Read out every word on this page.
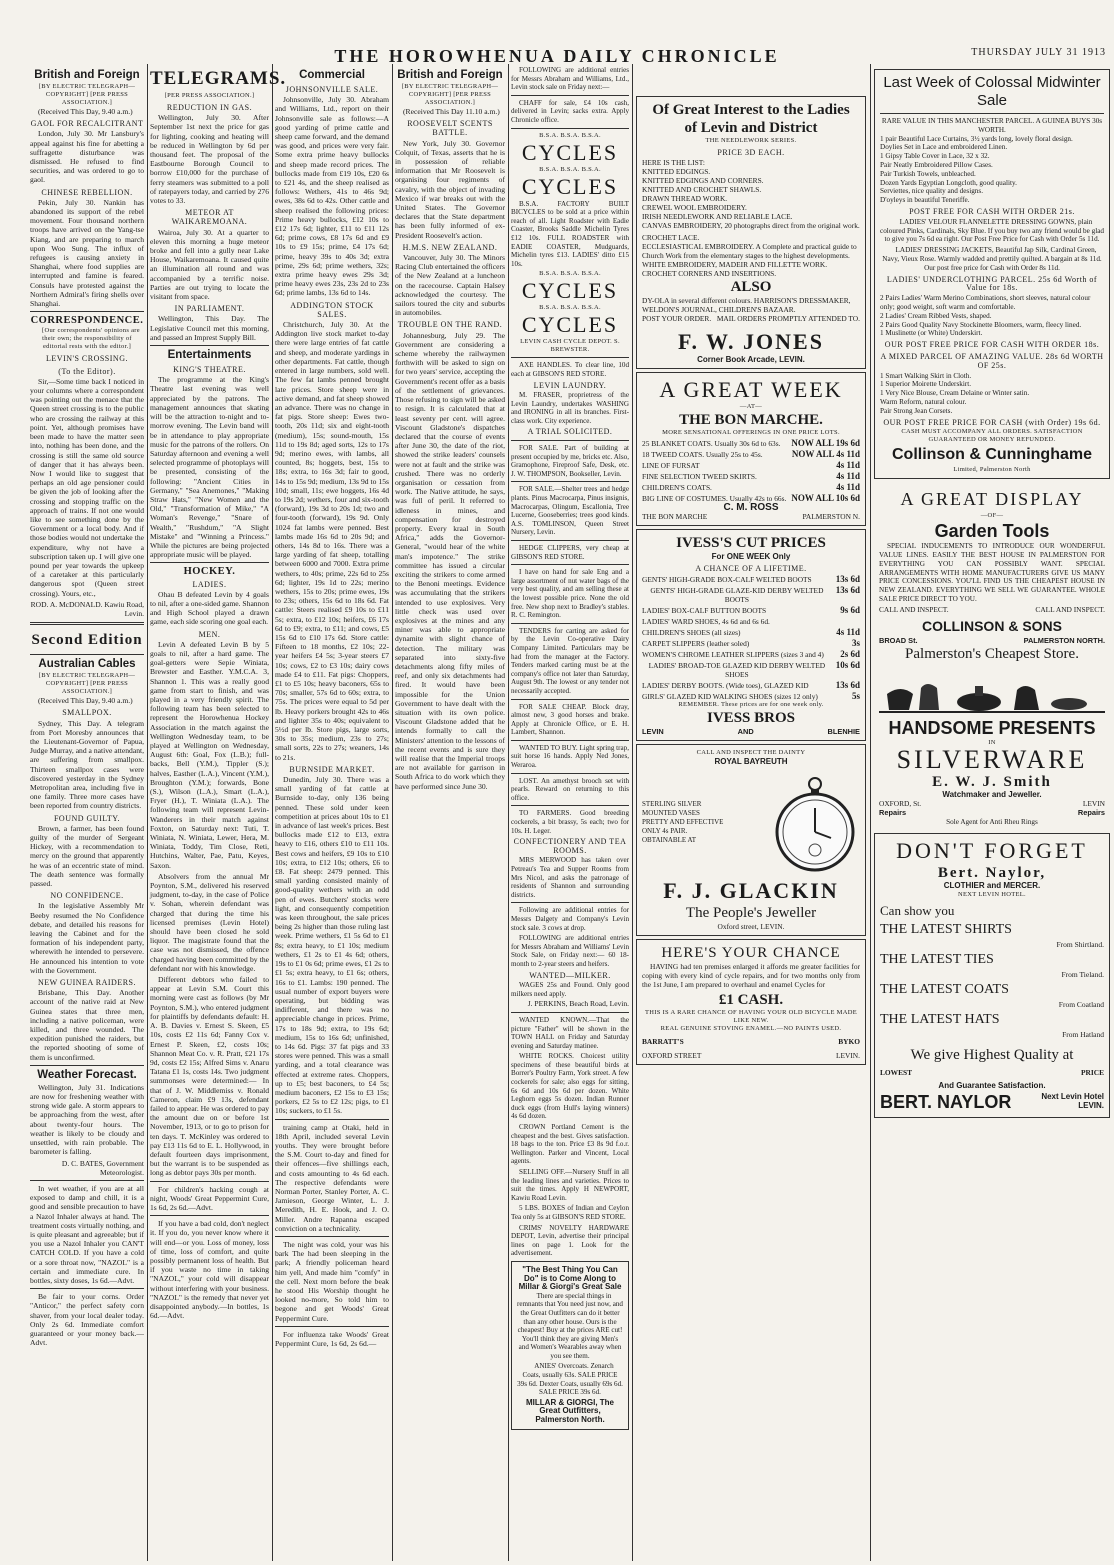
THE HOROWHENUA DAILY CHRONICLE	THURSDAY JULY 31 1913
British and Foreign
[BY ELECTRIC TELEGRAPH—COPYRIGHT] [PER PRESS ASSOCIATION.]
(Received This Day, 9.40 a.m.)
GAOL FOR RECALCITRANT
London, July 30. Mr Lansbury's appeal against his fine for abetting a suffragette disturbance was dismissed. He refused to find securities, and was ordered to go to gaol.
CHINESE REBELLION.
Pekin, July 30. Nankin has abandoned its support of the rebel movement. Four thousand northern troops have arrived on the Yang-tse Kiang, and are preparing to march upon Woo Sung. The influx of refugees is causing anxiety in Shanghai, where food supplies are interrupted and famine is feared. Consuls have protested against the Northern Admiral's firing shells over Shanghai.
CORRESPONDENCE.
[Our correspondents' opinions are their own; the responsibility of editorial rests with the editor.]
LEVIN'S CROSSING.
(To the Editor).
Sir,—Some time back I noticed in your columns where a correspondent was pointing out the menace that the Queen street crossing is to the public who are crossing the railway at this point. Yet, although promises have been made to have the matter seen into, nothing has been done, and the crossing is still the same old source of danger that it has always been. Now I would like to suggest that perhaps an old age pensioner could be given the job of looking after the crossing and stopping traffic on the approach of trains. If not one would like to see something done by the Government or a local body. And if those bodies would not undertake the expenditure, why not have a subscription taken up. I will give one pound per year towards the upkeep of a caretaker at this particularly dangerous spot (Queen street crossing). Yours, etc.,
ROD. A. McDONALD. Kawiu Road, Levin.
Second Edition
Australian Cables
[BY ELECTRIC TELEGRAPH—COPYRIGHT] [PER PRESS ASSOCIATION.]
(Received This Day, 9.40 a.m.)
SMALLPOX.
Sydney, This Day. A telegram from Port Moresby announces that the Lieutenant-Governor of Papua, Judge Murray, and a native attendant, are suffering from smallpox. Thirteen smallpox cases were discovered yesterday in the Sydney Metropolitan area, including five in one family. Three more cases have been reported from country districts.
FOUND GUILTY.
Brown, a farmer, has been found guilty of the murder of Sergeant Hickey, with a recommendation to mercy on the ground that apparently he was of an eccentric state of mind. The death sentence was formally passed.
NO CONFIDENCE.
In the legislative Assembly Mr Beeby resumed the No Confidence debate, and detailed his reasons for leaving the Cabinet and for the formation of his independent party, wherewith he intended to persevere. He announced his intention to vote with the Government.
NEW GUINEA RAIDERS.
Brisbane, This Day. Another account of the native raid at New Guinea states that three men, including a native policeman, were killed, and three wounded. The expedition punished the raiders, but the reported shooting of some of them is unconfirmed.
Weather Forecast.
Wellington, July 31. Indications are now for freshening weather with strong wide gale. A storm appears to be approaching from the west, after about twenty-four hours. The weather is likely to be cloudy and unsettled, with rain probable. The barometer is falling.
D. C. BATES, Government Meteorologist.
In wet weather, if you are at all exposed to damp and chill, it is a good and sensible precaution to have a Nazol Inhaler always at hand. The treatment costs virtually nothing, and is quite pleasant and agreeable; but if you use a Nazol Inhaler you CAN'T CATCH COLD. If you have a cold or a sore throat now, "NAZOL" is a certain and immediate cure. In bottles, sixty doses, 1s 6d.—Advt.
Be fair to your corns. Order "Anticor," the perfect safety corn shaver, from your local dealer today. Only 2s 6d. Immediate comfort guaranteed or your money back.—Advt.
TELEGRAMS.
[PER PRESS ASSOCIATION.]
REDUCTION IN GAS.
Wellington, July 30. After September 1st next the price for gas for lighting, cooking and heating will be reduced in Wellington by 6d per thousand feet. The proposal of the Eastbourne Borough Council to borrow £10,000 for the purchase of ferry steamers was submitted to a poll of ratepayers today, and carried by 276 votes to 33.
METEOR AT WAIKAREMOANA.
Wairoa, July 30. At a quarter to eleven this morning a huge meteor broke and fell into a gully near Lake House, Waikaremoana. It caused quite an illumination all round and was accompanied by a terrific noise. Parties are out trying to locate the visitant from space.
IN PARLIAMENT.
Wellington, This Day. The Legislative Council met this morning, and passed an Imprest Supply Bill.
Entertainments
KING'S THEATRE.
The programme at the King's Theatre last evening was well appreciated by the patrons. The management announces that skating will be the attraction to-night and to-morrow evening. The Levin band will be in attendance to play appropriate music for the patrons of the rollers. On Saturday afternoon and evening a well selected programme of photoplays will be presented, consisting of the following: "Ancient Cities in Germany," "Sea Anemones," "Making Straw Hats," "New Women and the Old," "Transformation of Mike," "A Woman's Revenge," "Snare of Wealth," "Rushdum," "A Slight Mistake" and "Winning a Princess." While the pictures are being projected appropriate music will be played.
HOCKEY.
LADIES.
Ohau B defeated Levin by 4 goals to nil, after a one-sided game. Shannon and High School played a drawn game, each side scoring one goal each.
MEN.
Levin A defeated Levin B by 5 goals to nil, after a hard game. The goal-getters were Sepie Winiata, Brewster and Easther. Y.M.C.A. 3, Shannon 1. This was a really good game from start to finish, and was played in a very friendly spirit. The following team has been selected to represent the Horowhenua Hockey Association in the match against the Wellington Wednesday team, to be played at Wellington on Wednesday, August 6th: Goal, Fox (L.B.); full-backs, Bell (Y.M.), Tippler (S.); halves, Easther (L.A.), Vincent (Y.M.), Broughton (Y.M.); forwards, Bone (S.), Wilson (L.A.), Smart (L.A.), Fryer (H.), T. Winiata (L.A.). The following team will represent Levin-Wanderers in their match against Foxton, on Saturday next: Tuti, T. Winiata, N. Winiata, Lewer, Hera, M. Winiata, Toddy, Tim Close, Reti, Hutchins, Walter, Pae, Patu, Keyes, Saxon.
Absolvers from the annual Mr Poynton, S.M., delivered his reserved judgment, to-day, in the case of Police v. Sohan, wherein defendant was charged that during the time his licensed premises (Levin Hotel) should have been closed he sold liquor. The magistrate found that the case was not dismissed, the offence charged having been committed by the defendant nor with his knowledge.
Different debtors who failed to appear at Levin S.M. Court this morning were cast as follows (by Mr Poynton, S.M.), who entered judgment for plaintiffs by defendants default: H. A. B. Davies v. Ernest S. Skeen, £5 10s, costs £2 11s 6d; Fanny Cox v. Ernest P. Skeen, £2, costs 10s; Shannon Meat Co. v. R. Pratt, £21 17s 9d, costs £2 15s; Alfred Sims v. Anaru Tatana £1 1s, costs 14s. Two judgment summonses were determined:— In that of J. W. Middlemiss v. Ronald Cameron, claim £9 13s, defendant failed to appear. He was ordered to pay the amount due on or before 1st November, 1913, or to go to prison for ten days. T. McKinley was ordered to pay £13 11s 6d to E. L. Hollywood, in default fourteen days imprisonment, but the warrant is to be suspended as long as debtor pays 30s per month.
For children's hacking cough at night, Woods' Great Peppermint Cure, 1s 6d, 2s 6d.—Advt.
If you have a bad cold, don't neglect it. If you do, you never know where it will end—or you. Loss of money, loss of time, loss of comfort, and quite possibly permanent loss of health. But if you waste no time in taking "NAZOL," your cold will disappear without interfering with your business. "NAZOL" is the remedy that never yet disappointed anybody.—In bottles, 1s 6d.—Advt.
Commercial
JOHNSONVILLE SALE.
Johnsonville, July 30. Abraham and Williams, Ltd., report on their Johnsonville sale as follows:—A good yarding of prime cattle and sheep came forward, and the demand was good, and prices were very fair. Some extra prime heavy bullocks and sheep made record prices. The bullocks made from £19 10s, £20 6s to £21 4s, and the sheep realised as follows: Wethers, 41s to 46s 9d; ewes, 38s 6d to 42s. Other cattle and sheep realised the following prices: Prime heavy bullocks, £12 10s to £12 17s 6d; lighter, £11 to £11 12s 6d; prime cows, £8 17s 6d and £9 10s to £9 15s; prime, £4 17s 6d; prime, heavy 39s to 40s 3d; extra prime, 29s 6d; prime wethers, 32s; extra prime heavy ewes 29s 3d; prime heavy ewes 23s, 23s 2d to 23s 6d; prime lambs, 13s 6d to 14s.
ADDINGTON STOCK SALES.
Christchurch, July 30. At the Addington live stock market to-day there were large entries of fat cattle and sheep, and moderate yardings in other departments. Fat cattle, though entered in large numbers, sold well. The few fat lambs penned brought late prices. Store sheep were in active demand, and fat sheep showed an advance. There was no change in fat pigs. Store sheep: Ewes two-tooth, 20s 11d; six and eight-tooth (medium), 15s; sound-mouth, 15s 11d to 19s 8d; aged sorts, 12s to 17s 9d; merino ewes, with lambs, all counted, 8s; hoggets, best, 15s to 18s; extra, to 16s 3d; fair to good, 14s to 15s 9d; medium, 13s 9d to 15s 10d; small, 11s; ewe hoggets, 16s 4d to 19s 2d; wethers, four and six-tooth (forward), 19s 3d to 20s 1d; two and four-tooth (forward), 19s 9d. Only 1024 fat lambs were penned. Best lambs made 16s 6d to 20s 9d; and others, 14s 8d to 16s. There was a large yarding of fat sheep, totalling between 6000 and 7000. Extra prime wethers, to 40s; prime, 22s 6d to 25s 6d; lighter, 19s 1d to 22s; merino wethers, 15s to 20s; prime ewes, 19s to 23s; others, 15s 6d to 18s 6d. Fat cattle: Steers realised £9 10s to £11 5s; extra, to £12 10s; heifers, £6 17s 6d to £9; extra, to £11; and cows, £5 15s 6d to £10 17s 6d. Store cattle: Fifteen to 18 months, £2 10s; 22-year heifers £4 5s; 3-year steers £7 10s; cows, £2 to £3 10s; dairy cows made £4 to £11. Fat pigs: Choppers, £1 to £5 10s; heavy baconers, 65s to 70s; smaller, 57s 6d to 60s; extra, to 75s. The prices were equal to 5d per lb. Heavy porkers brought 42s to 46s and lighter 35s to 40s; equivalent to 5½d per lb. Store pigs, large sorts, 30s to 35s; medium, 23s to 27s; small sorts, 22s to 27s; weaners, 14s to 21s.
BURNSIDE MARKET.
Dunedin, July 30. There was a small yarding of fat cattle at Burnside to-day, only 136 being penned. These sold under keen competition at prices about 10s to £1 in advance of last week's prices. Best bullocks made £12 to £13, extra heavy to £16, others £10 to £11 10s. Best cows and heifers, £9 10s to £10 10s; extra, to £12 10s; others, £6 to £8. Fat sheep: 2479 penned. This small yarding consisted mainly of good-quality wethers with an odd pen of ewes. Butchers' stocks were light, and consequently competition was keen throughout, the sale prices being 2s higher than those ruling last week. Prime wethers, £1 5s 6d to £1 8s; extra heavy, to £1 10s; medium wethers, £1 2s to £1 4s 6d; others, 19s to £1 0s 6d; prime ewes, £1 2s to £1 5s; extra heavy, to £1 6s; others, 16s to £1. Lambs: 190 penned. The usual number of export buyers were operating, but bidding was indifferent, and there was no appreciable change in prices. Prime, 17s to 18s 9d; extra, to 19s 6d; medium, 15s to 16s 6d; unfinished, to 14s 6d. Pigs: 37 fat pigs and 33 stores were penned. This was a small yarding, and a total clearance was effected at extreme rates. Choppers, up to £5; best baconers, to £4 5s; medium baconers, £2 15s to £3 15s; porkers, £2 5s to £2 12s; pigs, to £1 10s; suckers, to £1 5s.
training camp at Otaki, held in 18th April, included several Levin youths. They were brought before the S.M. Court to-day and fined for their offences—five shillings each, and costs amounting to 4s 6d each. The respective defendants were Norman Porter, Stanley Porter, A. C. Jamieson, George Winter, L. J. Meredith, H. E. Hook, and J. O. Miller. Andre Rapanna escaped conviction on a technicality.
The night was cold, your was his bark The had been sleeping in the park; A friendly policeman heard him yell, And made him "comfy" in the cell. Next morn before the beak he stood His Worship thought he looked no-more, So told him to begone and get Woods' Great Peppermint Cure.
For influenza take Woods' Great Peppermint Cure, 1s 6d, 2s 6d.—
British and Foreign
[BY ELECTRIC TELEGRAPH—COPYRIGHT] [PER PRESS ASSOCIATION.]
(Received This Day 11.10 a.m.)
ROOSEVELT SCENTS BATTLE.
New York, July 30. Governor Colquit, of Texas, asserts that he is in possession of reliable information that Mr Roosevelt is organising four regiments of cavalry, with the object of invading Mexico if war breaks out with the United States. The Governor declares that the State department has been fully informed of ex-President Roosevelt's action.
H.M.S. NEW ZEALAND.
Vancouver, July 30. The Minors Racing Club entertained the officers of the New Zealand at a luncheon on the racecourse. Captain Halsey acknowledged the courtesy. The sailors toured the city and suburbs in automobiles.
TROUBLE ON THE RAND.
Johannesburg, July 29. The Government are considering a scheme whereby the railwaymen forthwith will be asked to sign on for two years' service, accepting the Government's recent offer as a basis of the settlement of grievances. Those refusing to sign will be asked to resign. It is calculated that at least seventy per cent. will agree. Viscount Gladstone's dispatches declared that the course of events after June 30, the date of the riot, showed the strike leaders' counsels were not at fault and the strike was crushed. There was no orderly organisation or cessation from work. The Native attitude, he says, was full of peril. It referred to idleness in mines, and compensation for destroyed property. Every kraal in South Africa," adds the Governor-General, "would hear of the white man's impotence." The strike committee has issued a circular exciting the strikers to come armed to the Benoni meetings. Evidence was accumulating that the strikers intended to use explosives. Very little check was used over explosives at the mines and any miner was able to appropriate dynamite with slight chance of detection. The military was separated into sixty-five detachments along fifty miles of reef, and only six detachments had fired. It would have been impossible for the Union Government to have dealt with the situation with its own police. Viscount Gladstone added that he intends formally to call the Ministers' attention to the lessons of the recent events and is sure they will realise that the Imperial troops are not available for garrison in South Africa to do work which they have performed since June 30.
FOLLOWING are additional entries for Messrs Abraham and Williams, Ltd., Levin stock sale on Friday next:—
CHAFF for sale, £4 10s cash, delivered in Levin; sacks extra. Apply Chronicle office.
B.S.A. B.S.A. B.S.A.
CYCLES
B.S.A. B.S.A. B.S.A.
CYCLES
B.S.A. FACTORY BUILT BICYCLES to be sold at a price within reach of all. Light Roadster with Eadie Coaster, Brooks Saddle Michelin Tyres £12 10s. FULL ROADSTER with EADIE COASTER, Mudguards, Michelin tyres £13. LADIES' ditto £15 10s.
B.S.A. B.S.A. B.S.A.
CYCLES
B.S.A. B.S.A. B.S.A.
CYCLES
LEVIN CASH CYCLE DEPOT. S. BREWSTER.
AXE HANDLES. To clear line, 10d each at GIBSON'S RED STORE.
LEVIN LAUNDRY.
M. FRASER, proprietress of the Levin Laundry, undertakes WASHING and IRONING in all its branches. First-class work. City experience.
A TRIAL SOLICITED.
FOR SALE. Part of building at present occupied by me, bricks etc. Also, Gramophone, Fireproof Safe, Desk, etc. J. W. THOMPSON, Bookseller, Levin.
FOR SALE.—Shelter trees and hedge plants. Pinus Macrocarpa, Pinus insignis, Macrocarpas, Olingum, Escallonia, Tree Lucerne, Gooseberries; trees good kinds. A.S. TOMLINSON, Queen Street Nursery, Levin.
HEDGE CLIPPERS, very cheap at GIBSON'S RED STORE.
I have on hand for sale Eng and a large assortment of nut water bags of the very best quality, and am selling these at the lowest possible price. None the old free. New shop next to Bradley's stables. R. C. Remington.
TENDERS for carting are asked for by the Levin Co-operative Dairy Company Limited. Particulars may be had from the manager at the Factory. Tenders marked carting must be at the company's office not later than Saturday, August 9th. The lowest or any tender not necessarily accepted.
FOR SALE CHEAP. Block dray, almost new, 3 good horses and brake. Apply at Chronicle Office, or E. H. Lambert, Shannon.
WANTED TO BUY. Light spring trap, suit horse 16 hands. Apply Ned Jones, Weraroa.
LOST. An amethyst brooch set with pearls. Reward on returning to this office.
TO FARMERS. Good breeding cockerels, a bit brassy, 5s each; two for 10s. H. Leger.
CONFECTIONERY AND TEA ROOMS.
MRS MERWOOD has taken over Petreau's Tea and Supper Rooms from Mrs Nicol, and asks the patronage of residents of Shannon and surrounding districts.
Following are additional entries for Messrs Dalgety and Company's Levin stock sale. 3 cows at drop.
FOLLOWING are additional entries for Messrs Abraham and Williams' Levin Stock Sale, on Friday next:— 60 18-month to 2-year steers and heifers.
WANTED—MILKER.
WAGES 25s and Found. Only good milkers need apply.
J. PERKINS, Beach Road, Levin.
WANTED KNOWN.—That the picture "Father" will be shown in the TOWN HALL on Friday and Saturday evening and Saturday matinee.
WHITE ROCKS. Choicest utility specimens of these beautiful birds at Borrer's Poultry Farm, York street. A few cockerels for sale; also eggs for sitting, 6s 6d and 10s 6d per dozen. White Leghorn eggs 5s dozen. Indian Runner duck eggs (from Hull's laying winners) 4s 6d dozen.
CROWN Portland Cement is the cheapest and the best. Gives satisfaction. 18 bags to the ton. Price £3 8s 9d f.o.r. Wellington. Parker and Vincent, Local agents.
SELLING OFF.—Nursery Stuff in all the leading lines and varieties. Prices to suit the times. Apply H NEWPORT, Kawiu Road Levin.
5 LBS. BOXES of Indian and Ceylon Tea only 5s at GIBSON'S RED STORE.
CRIMS' NOVELTY HARDWARE DEPOT, Levin, advertise their principal lines on page 1. Look for the advertisement.
"The Best Thing You Can Do" is to Come Along to Millar & Giorgi's Great Sale
There are special things in remnants that You need just now, and the Great Outfitters can do it better than any other house. Ours is the cheapest! Buy at the prices ARE cut! You'll think they are giving Men's and Women's Wearables away when you see them.
ANIES' Overcoats. Zenarch Coats, usually 63s. SALE PRICE 39s 6d. Dexter Coats, usually 69s 6d. SALE PRICE 39s 6d.
MILLAR & GIORGI, The Great Outfitters, Palmerston North.
Of Great Interest to the Ladies
of Levin and District
THE NEEDLEWORK SERIES.
PRICE 3D EACH.
HERE IS THE LIST:
KNITTED EDGINGS.
KNITTED EDGINGS AND CORNERS.
KNITTED AND CROCHET SHAWLS.
DRAWN THREAD WORK.
CREWEL WOOL EMBROIDERY.
IRISH NEEDLEWORK AND RELIABLE LACE.
CANVAS EMBROIDERY, 20 photographs direct from the original work.
CROCHET LACE.
ECCLESIASTICAL EMBROIDERY. A Complete and practical guide to Church Work from the elementary stages to the highest developments.
WHITE EMBROIDERY, MADEIR AND FILLETTE WORK.
CROCHET CORNERS AND INSERTIONS.
ALSO
DY-OLA in several different colours. HARRISON'S DRESSMAKER, WELDON'S JOURNAL, CHILDREN'S BAZAAR.
POST YOUR ORDER. MAIL ORDERS PROMPTLY ATTENDED TO.
F. W. JONES
Corner Book Arcade, LEVIN.
A GREAT WEEK
—AT—
THE BON MARCHE.
MORE SENSATIONAL OFFERINGS IN ONE PRICE LOTS.
25 BLANKET COATS. Usually 30s 6d to 63s. NOW ALL 19s 6d
18 TWEED COATS. Usually 25s to 45s.	NOW ALL 4s 11d
LINE OF FURSAT	4s 11d
FINE SELECTION TWEED SKIRTS.	4s 11d
CHILDREN'S COATS.	4s 11d
BIG LINE OF COSTUMES. Usually 42s to 66s. NOW ALL 10s 6d
C. M. ROSS
THE BON MARCHE	PALMERSTON N.
IVESS'S CUT PRICES
For ONE WEEK Only
A CHANCE OF A LIFETIME.
GENTS' HIGH-GRADE BOX-CALF WELTED BOOTS	13s 6d
GENTS' HIGH-GRADE GLAZE-KID DERBY WELTED BOOTS
13s 6d
LADIES' BOX-CALF BUTTON BOOTS	9s 6d
LADIES' WARD SHOES, 4s 6d and 6s 6d.
CHILDREN'S SHOES (all sizes)	4s 11d
CARPET SLIPPERS (leather soled)	3s
WOMEN'S CHROME LEATHER SLIPPERS (sizes 3 and 4) 2s 6d
LADIES' BROAD-TOE GLAZED KID DERBY WELTED SHOES
10s 6d
LADIES' DERBY BOOTS. (Wide toes), GLAZED KID	13s 6d
GIRLS' GLAZED KID WALKING SHOES (sizes 12 only)	5s
REMEMBER. These prices are for one week only.
IVESS BROS
LEVIN	AND	BLENHIE
CALL AND INSPECT THE DAINTY
ROYAL BAYREUTH
STERLING SILVER
MOUNTED VASES
PRETTY AND EFFECTIVE
ONLY 4s PAIR.
OBTAINABLE AT
F. J. GLACKIN
The People's Jeweller
Oxford street, LEVIN.
HERE'S YOUR CHANCE
HAVING had ten premises enlarged it affords me greater facilities for coping with every kind of cycle repairs, and for two months only from the 1st June, I am prepared to overhaul and enamel Cycles for
£1 CASH.
THIS IS A RARE CHANCE OF HAVING YOUR OLD BICYCLE MADE LIKE NEW.
REAL GENUINE STOVING ENAMEL.—NO PAINTS USED.
BARRATT'S	BYKO
OXFORD STREET	LEVIN.
Last Week of Colossal Midwinter
Sale
RARE VALUE IN THIS MANCHESTER PARCEL. A GUINEA BUYS 30s WORTH.
1 pair Beautiful Lace Curtains, 3½ yards long, lovely floral design.
Doylies Set in Lace and embroidered Linen.
1 Gipsy Table Cover in Lace, 32 x 32.
Pair Neatly Embroidered Pillow Cases.
Pair Turkish Towels, unbleached.
Dozen Yards Egyptian Longcloth, good quality.
Serviettes, nice quality and designs.
D'oyleys in beautiful Teneriffe.
POST FREE FOR CASH WITH ORDER 21s.
LADIES' VELOUR FLANNELETTE DRESSING GOWNS, plain coloured Pinks, Cardinals, Sky Blue. If you buy two any friend would be glad to give you 7s 6d ea right. Our Post Free Price for Cash with Order 5s 11d.
LADIES' DRESSING JACKETS, Beautiful Jap Silk, Cardinal Green, Navy, Vieux Rose. Warmly wadded and prettily quilted. A bargain at 8s 11d. Our post free price for Cash with Order 8s 11d.
LADIES' UNDERCLOTHING PARCEL. 25s 6d Worth of Value for 18s.
2 Pairs Ladies' Warm Merino Combinations, short sleeves, natural colour only; good weight, soft warm and comfortable.
2 Ladies' Cream Ribbed Vests, shaped.
2 Pairs Good Quality Navy Stockinette Bloomers, warm, fleecy lined.
1 Muslinette (or White) Underskirt.
OUR POST FREE PRICE FOR CASH WITH ORDER 18s.
A MIXED PARCEL OF AMAZING VALUE. 28s 6d WORTH OF 25s.
1 Smart Walking Skirt in Cloth.
1 Superior Moirette Underskirt.
1 Very Nice Blouse, Cream Delaine or Winter satin.
Warm Reform, natural colour.
Pair Strong Jean Corsets.
OUR POST FREE PRICE FOR CASH (with Order) 19s 6d.
CASH MUST ACCOMPANY ALL ORDERS. SATISFACTION GUARANTEED OR MONEY REFUNDED.
Collinson & Cunninghame
Limited, Palmerston North
A GREAT DISPLAY
—OF—
Garden Tools
SPECIAL INDUCEMENTS TO INTRODUCE OUR WONDERFUL VALUE LINES. EASILY THE BEST HOUSE IN PALMERSTON FOR EVERYTHING YOU CAN POSSIBLY WANT. SPECIAL ARRANGEMENTS WITH HOME MANUFACTURERS GIVE US MANY PRICE CONCESSIONS. YOU'LL FIND US THE CHEAPEST HOUSE IN NEW ZEALAND. EVERYTHING WE SELL WE GUARANTEE. WHOLE SALE PRICE DIRECT TO YOU.
CALL AND INSPECT.	CALL AND INSPECT.
COLLINSON & SONS
BROAD St.	PALMERSTON NORTH.
Palmerston's Cheapest Store.
HANDSOME PRESENTS
IN
SILVERWARE
E. W. J. Smith
Watchmaker and Jeweller.
OXFORD, St.	LEVIN
Repairs	Repairs
Sole Agent for Anti Rheu Rings
DON'T FORGET
Bert. Naylor,
CLOTHIER and MERCER.
NEXT LEVIN HOTEL.
Can show you
THE LATEST SHIRTS
From Shirtland.
THE LATEST TIES
From Tieland.
THE LATEST COATS
From Coatland
THE LATEST HATS
From Hatland
We give Highest Quality at
LOWEST	PRICE
And Guarantee Satisfaction.
BERT. NAYLOR	Next Levin Hotel
LEVIN.
